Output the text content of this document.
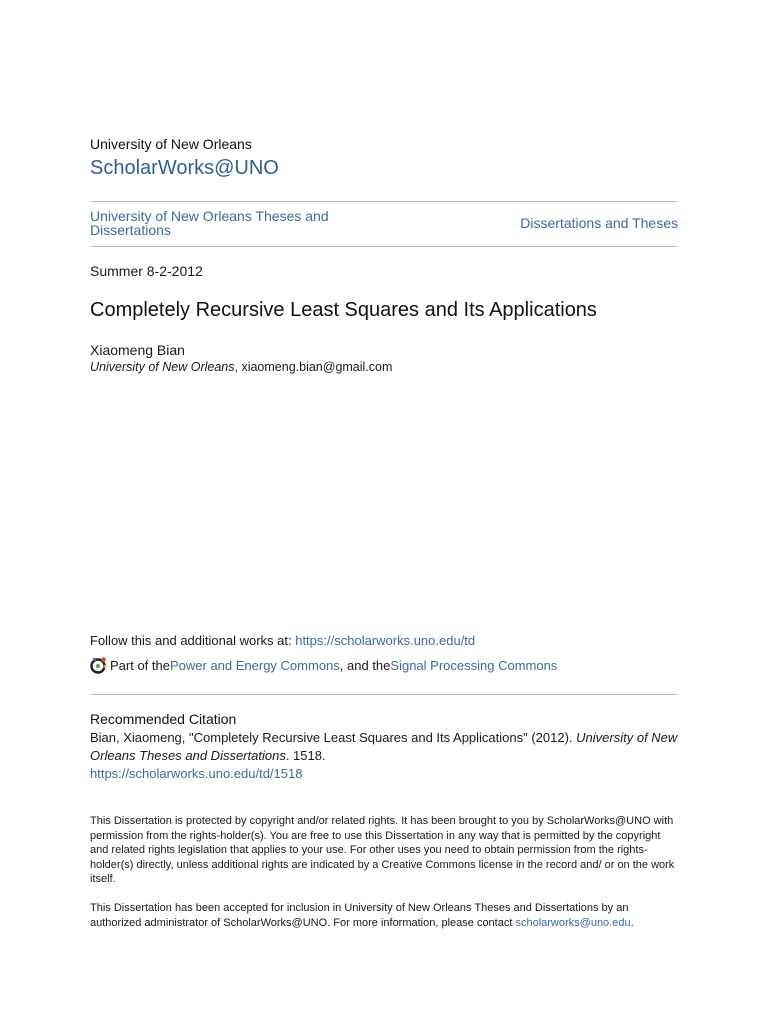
University of New Orleans
ScholarWorks@UNO
University of New Orleans Theses and Dissertations	Dissertations and Theses
Summer 8-2-2012
Completely Recursive Least Squares and Its Applications
Xiaomeng Bian
University of New Orleans, xiaomeng.bian@gmail.com
Follow this and additional works at: https://scholarworks.uno.edu/td
Part of the Power and Energy Commons , and the Signal Processing Commons
Recommended Citation
Bian, Xiaomeng, "Completely Recursive Least Squares and Its Applications" (2012). University of New Orleans Theses and Dissertations. 1518.
https://scholarworks.uno.edu/td/1518
This Dissertation is protected by copyright and/or related rights. It has been brought to you by ScholarWorks@UNO with permission from the rights-holder(s). You are free to use this Dissertation in any way that is permitted by the copyright and related rights legislation that applies to your use. For other uses you need to obtain permission from the rights-holder(s) directly, unless additional rights are indicated by a Creative Commons license in the record and/ or on the work itself.
This Dissertation has been accepted for inclusion in University of New Orleans Theses and Dissertations by an authorized administrator of ScholarWorks@UNO. For more information, please contact scholarworks@uno.edu.
